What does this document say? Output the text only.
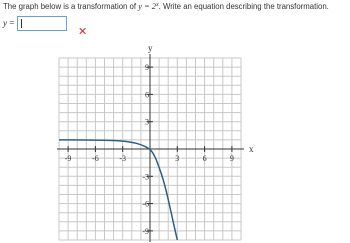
The graph below is a transformation of $y = 2^x$. Write an equation describing the transformation.
y =
✕
-9	-6	-3	3	6	9
9
6
3
-3
-6
-9
x
y
